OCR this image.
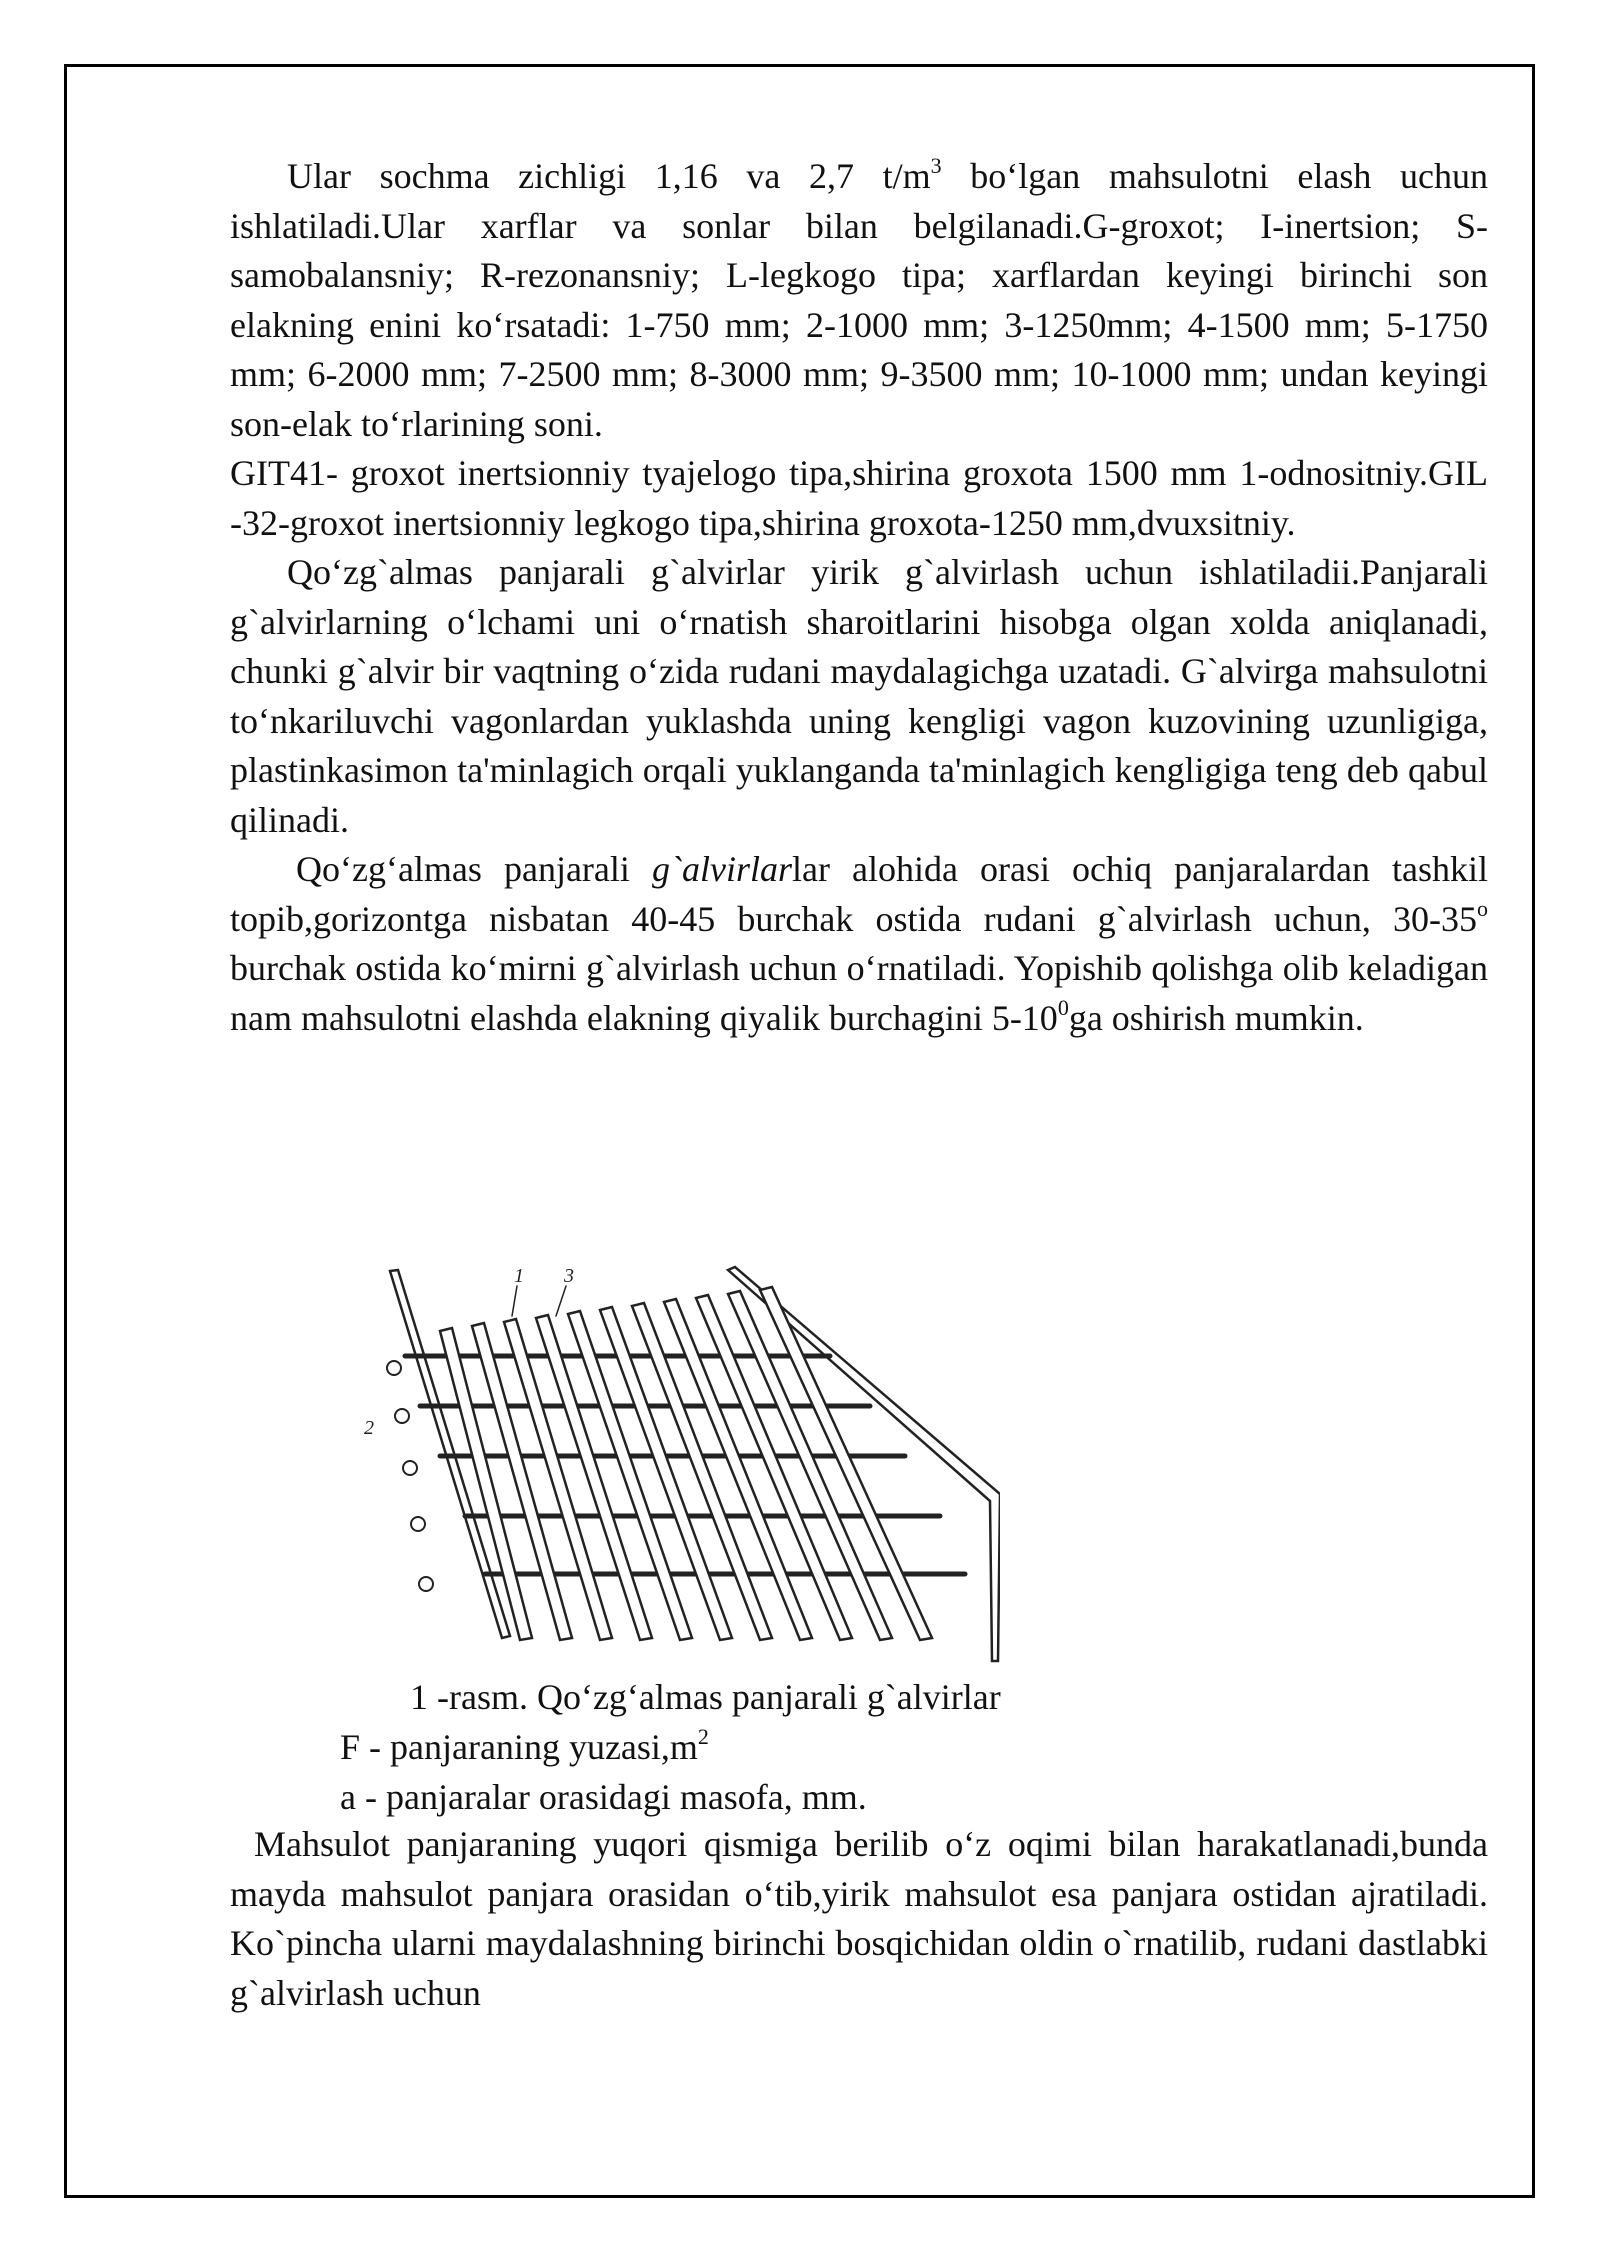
Ular sochma zichligi 1,16 va 2,7 $t/m^3$ boʻlgan mahsulotni elash uchun ishlatiladi.Ular xarflar va sonlar bilan belgilanadi.G-groxot; I-inertsion; S-samobalansniy; R-rezonansniy; L-legkogo tipa; xarflardan keyingi birinchi son elakning enini koʻrsatadi: 1-750 mm; 2-1000 mm; 3-1250mm; 4-1500 mm; 5-1750 mm; 6-2000 mm; 7-2500 mm; 8-3000 mm; 9-3500 mm; 10-1000 mm; undan keyingi son-elak toʻrlarining soni.

GIT41- groxot inertsionniy tyajelogo tipa,shirina groxota 1500 mm 1-odnositniy.GIL -32-groxot inertsionniy legkogo tipa,shirina groxota-1250 mm,dvuxsitniy.

Qoʻzg`almas panjarali g`alvirlar yirik g`alvirlash uchun ishlatiladii.Panjarali g`alvirlarning oʻlchami uni oʻrnatish sharoitlarini hisobga olgan xolda aniqlanadi, chunki g`alvir bir vaqtning oʻzida rudani maydalagichga uzatadi. G`alvirga mahsulotni toʻnkariluvchi vagonlardan yuklashda uning kengligi vagon kuzovining uzunligiga, plastinkasimon ta'minlagich orqali yuklanganda ta'minlagich kengligiga teng deb qabul qilinadi.

Qoʻzgʻalmas panjarali g`alvirlarlar alohida orasi ochiq panjaralardan tashkil topib,gorizontga nisbatan 40-45 burchak ostida rudani g`alvirlash uchun, 30-35$^o$ burchak ostida koʻmirni g`alvirlash uchun oʻrnatiladi. Yopishib qolishga olib keladigan nam mahsulotni elashda elakning qiyalik burchagini $5-10^0ga$ oshirish mumkin.

1 3
2
1 -rasm. Qoʻzgʻalmas panjarali g`alvirlar
F - panjaraning $yuzasi,m^2$
a - panjaralar orasidagi masofa, mm.

Mahsulot panjaraning yuqori qismiga berilib oʻz oqimi bilan harakatlanadi,bunda mayda mahsulot panjara orasidan oʻtib,yirik mahsulot esa panjara ostidan ajratiladi. Ko`pincha ularni maydalashning birinchi bosqichidan oldin o`rnatilib, rudani dastlabki g`alvirlash uchun
